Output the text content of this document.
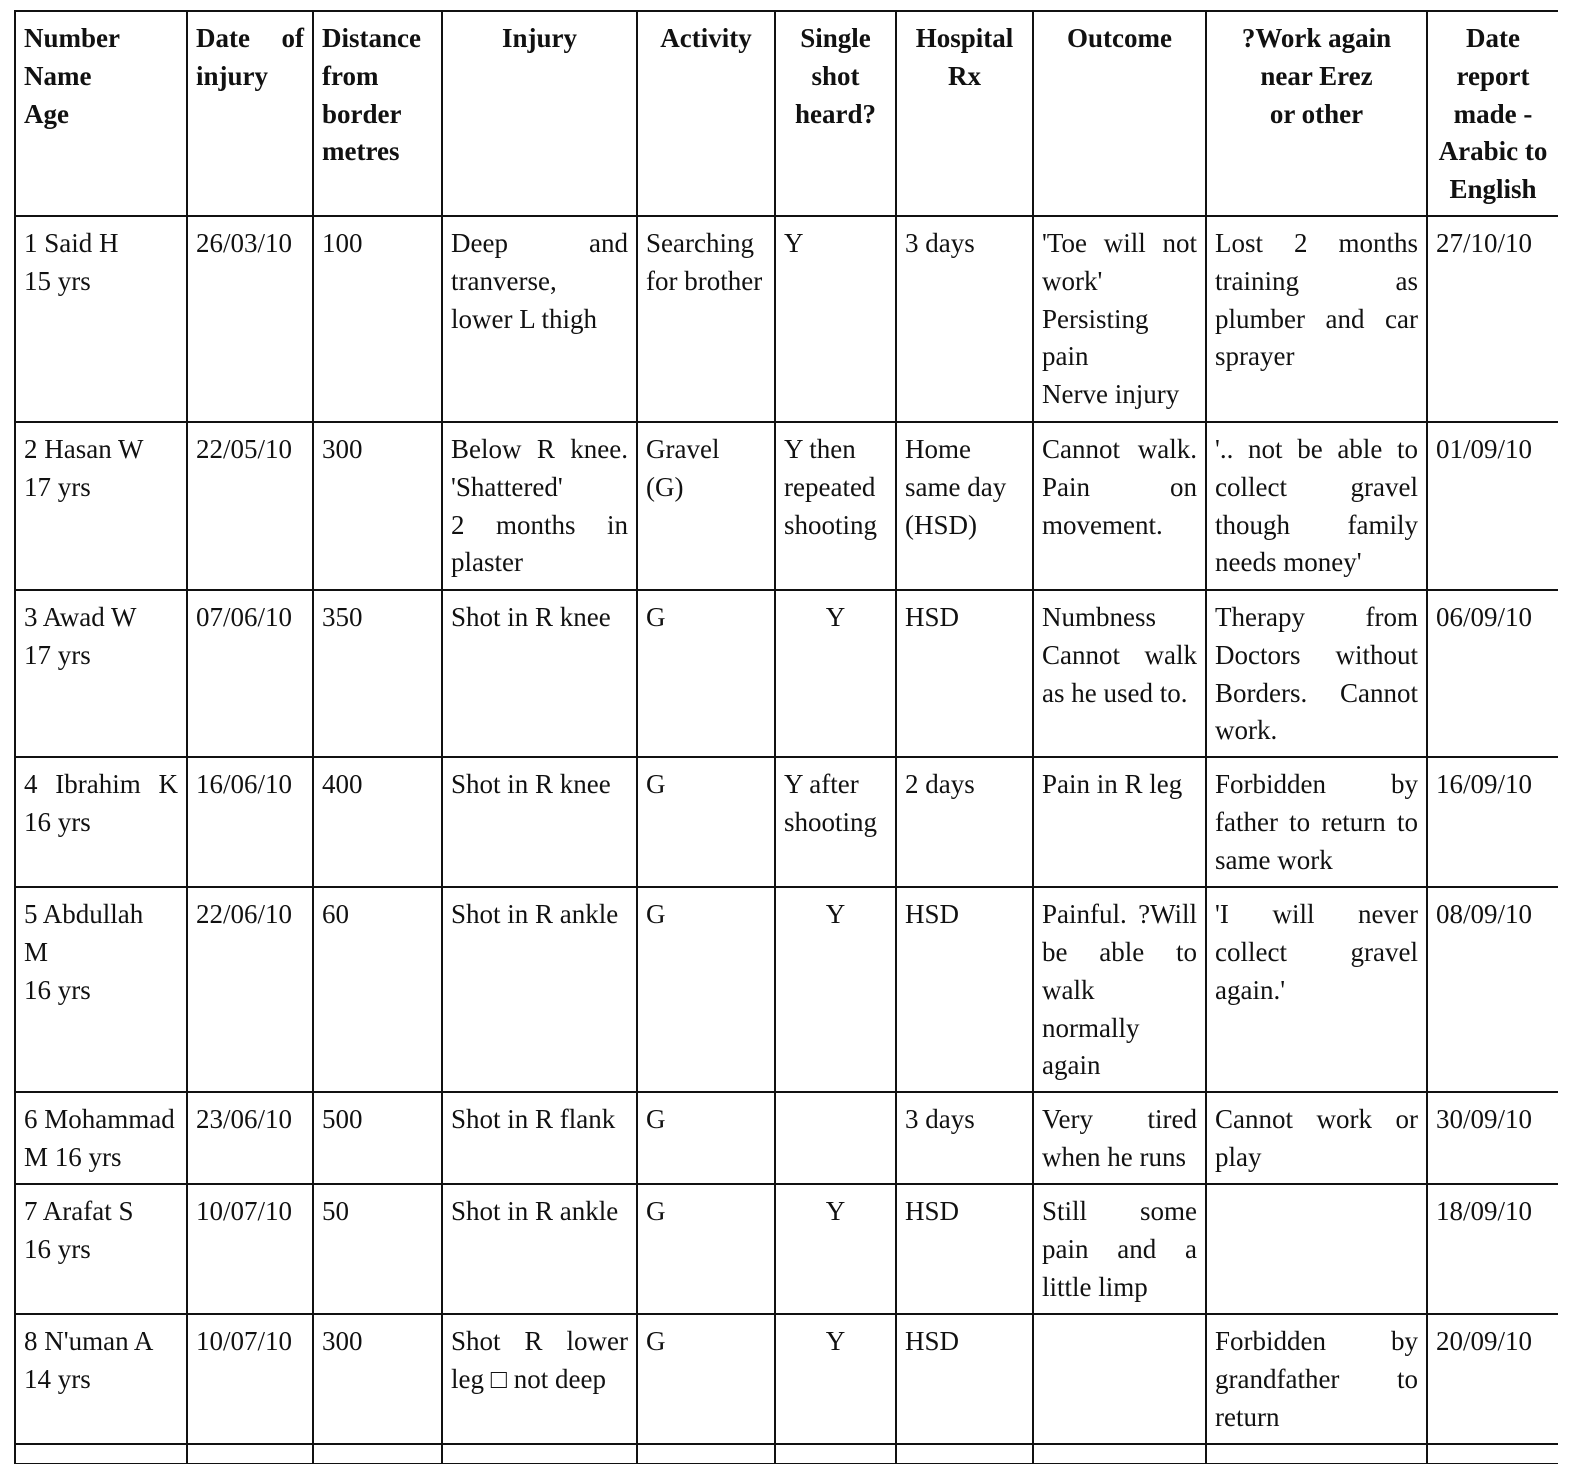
Number
Name
Age	Date of
injury	Distance
from
border
metres	Injury	Activity	Single
shot
heard?	Hospital
Rx	Outcome	?Work again
near Erez
or other	Date
report
made -
Arabic to
English

1 Said H
15 yrs	26/03/10	100	Deep and
tranverse,
lower L thigh	Searching
for brother	Y	3 days	'Toe will not
work'
Persisting
pain
Nerve injury	Lost 2 months
training as
plumber and car
sprayer	27/10/10

2 Hasan W
17 yrs	22/05/10	300	Below R knee.
'Shattered'
2 months in
plaster	Gravel
(G)	Y then
repeated
shooting	Home
same day
(HSD)	Cannot walk.
Pain on
movement.	'.. not be able to
collect gravel
though family
needs money'	01/09/10

3 Awad W
17 yrs	07/06/10	350	Shot in R knee	G	Y	HSD	Numbness
Cannot walk
as he used to.	Therapy from
Doctors without
Borders. Cannot
work.	06/09/10

4 Ibrahim K
16 yrs	16/06/10	400	Shot in R knee	G	Y after
shooting	2 days	Pain in R leg	Forbidden by
father to return to
same work	16/09/10

5 Abdullah
M
16 yrs	22/06/10	60	Shot in R ankle	G	Y	HSD	Painful. ?Will
be able to
walk
normally
again	'I will never
collect gravel
again.'	08/09/10

6 Mohammad
M 16 yrs	23/06/10	500	Shot in R flank	G		3 days	Very tired
when he runs	Cannot work or
play	30/09/10

7 Arafat S
16 yrs	10/07/10	50	Shot in R ankle	G	Y	HSD	Still some
pain and a
little limp		18/09/10

8 N'uman A
14 yrs	10/07/10	300	Shot R lower
leg □ not deep	G	Y	HSD		Forbidden by
grandfather to
return	20/09/10
